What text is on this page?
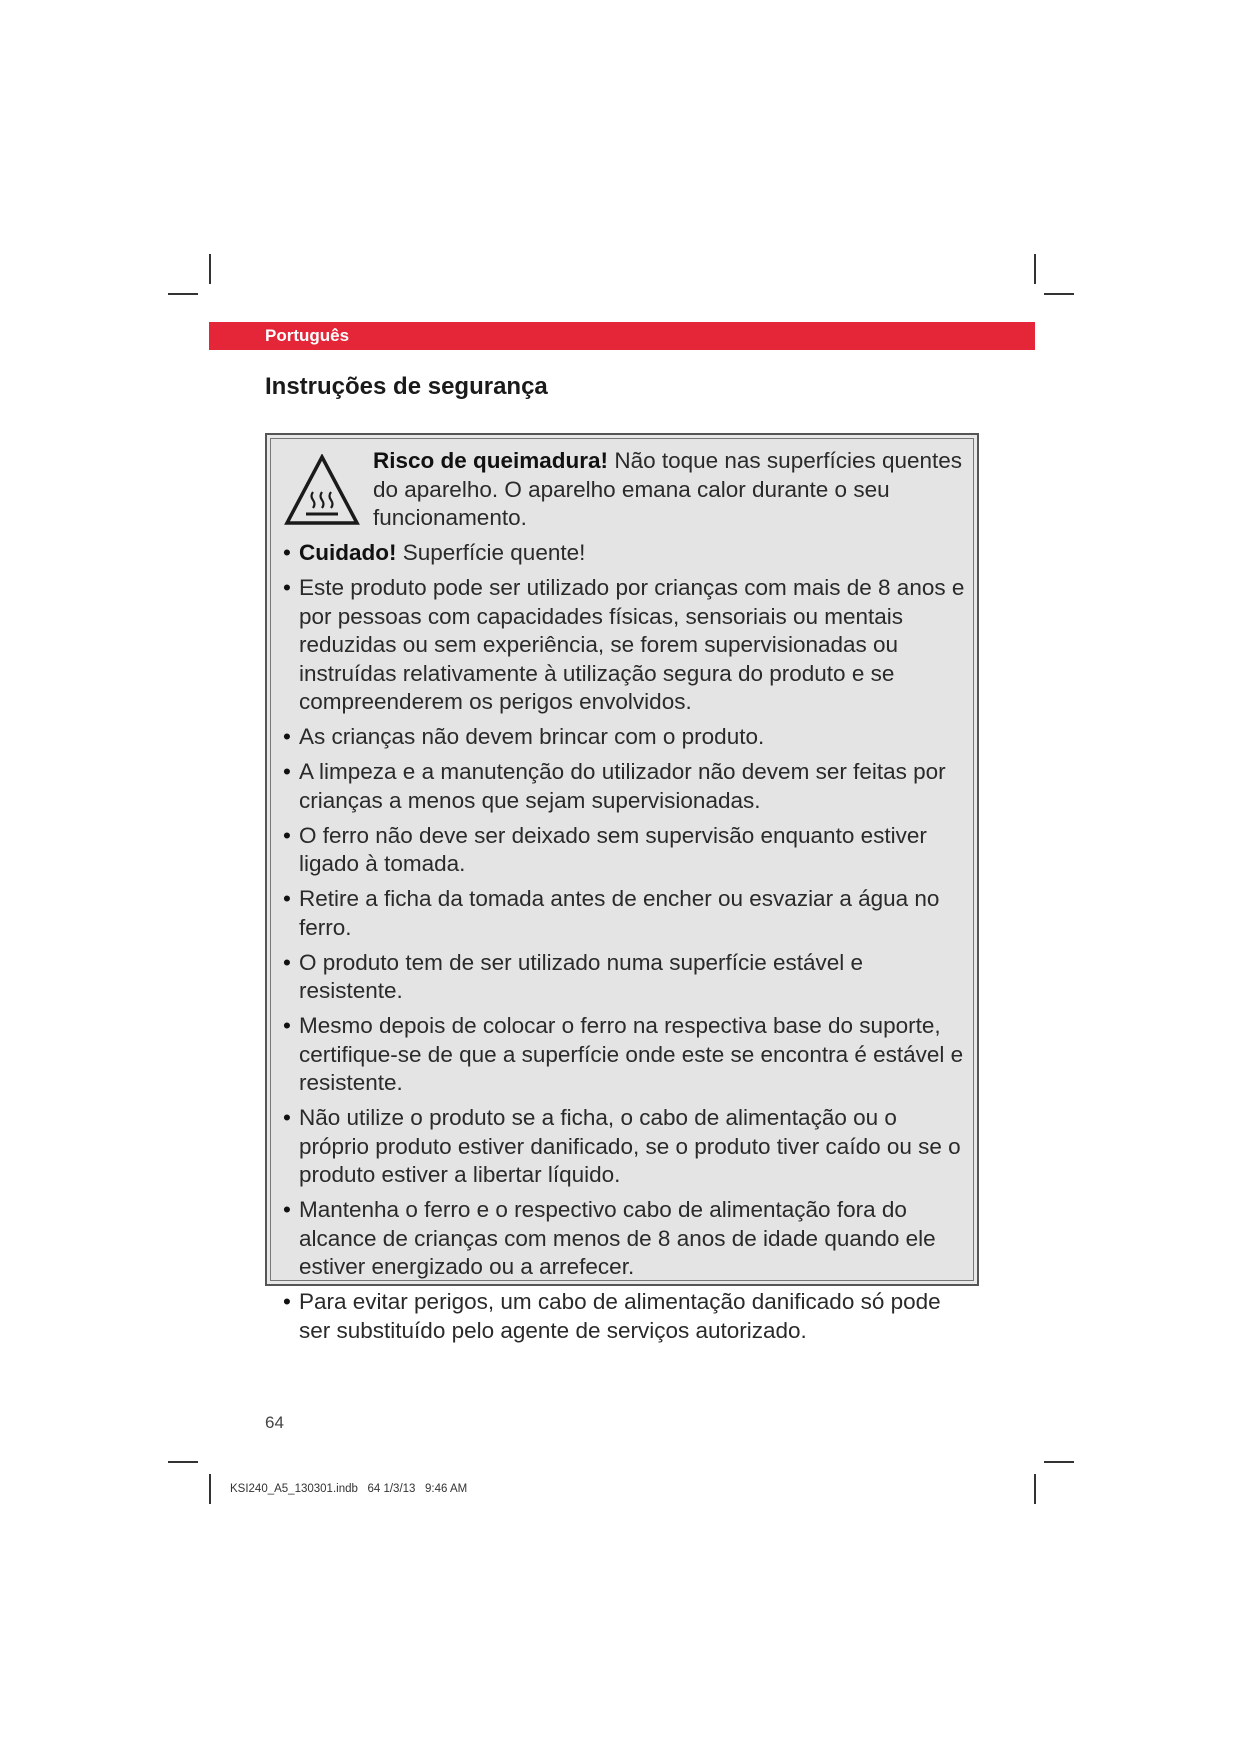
Português
Instruções de segurança
Risco de queimadura! Não toque nas superfícies quentes do aparelho. O aparelho emana calor durante o seu funcionamento.
• Cuidado! Superfície quente!
• Este produto pode ser utilizado por crianças com mais de 8 anos e por pessoas com capacidades físicas, sensoriais ou mentais reduzidas ou sem experiência, se forem supervisionadas ou instruídas relativamente à utilização segura do produto e se compreenderem os perigos envolvidos.
• As crianças não devem brincar com o produto.
• A limpeza e a manutenção do utilizador não devem ser feitas por crianças a menos que sejam supervisionadas.
• O ferro não deve ser deixado sem supervisão enquanto estiver ligado à tomada.
• Retire a ficha da tomada antes de encher ou esvaziar a água no ferro.
• O produto tem de ser utilizado numa superfície estável e resistente.
• Mesmo depois de colocar o ferro na respectiva base do suporte, certifique-se de que a superfície onde este se encontra é estável e resistente.
• Não utilize o produto se a ficha, o cabo de alimentação ou o próprio produto estiver danificado, se o produto tiver caído ou se o produto estiver a libertar líquido.
• Mantenha o ferro e o respectivo cabo de alimentação fora do alcance de crianças com menos de 8 anos de idade quando ele estiver energizado ou a arrefecer.
• Para evitar perigos, um cabo de alimentação danificado só pode ser substituído pelo agente de serviços autorizado.
64
KSI240_A5_130301.indb   64 1/3/13   9:46 AM
